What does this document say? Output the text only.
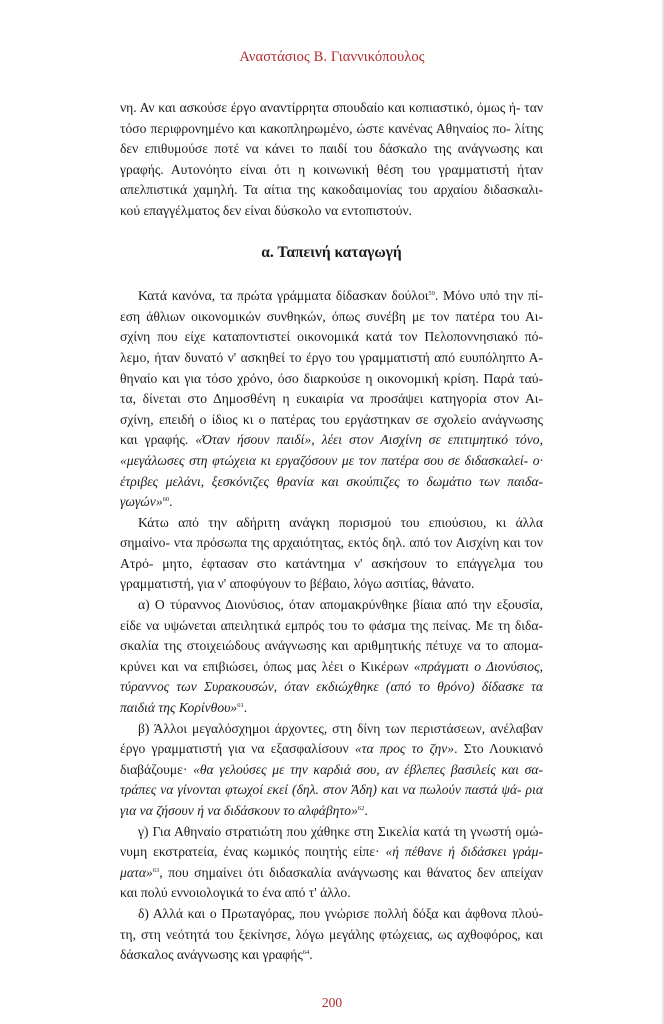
Αναστάσιος Β. Γιαννικόπουλος

νη. Αν και ασκούσε έργο αναντίρρητα σπουδαίο και κοπιαστικό, όμως ή- ταν τόσο περιφρονημένο και κακοπληρωμένο, ώστε κανένας Αθηναίος πο- λίτης δεν επιθυμούσε ποτέ να κάνει το παιδί του δάσκαλο της ανάγνωσης και γραφής. Αυτονόητο είναι ότι η κοινωνική θέση του γραμματιστή ήταν απελπιστικά χαμηλή. Τα αίτια της κακοδαιμονίας του αρχαίου διδασκαλι- κού επαγγέλματος δεν είναι δύσκολο να εντοπιστούν.

α. Ταπεινή καταγωγή

Κατά κανόνα, τα πρώτα γράμματα δίδασκαν δούλοι$^{59}$. Μόνο υπό την πί- εση άθλιων οικονομικών συνθηκών, όπως συνέβη με τον πατέρα του Αι- σχίνη που είχε καταποντιστεί οικονομικά κατά τον Πελοποννησιακό πό- λεμο, ήταν δυνατό ν' ασκηθεί το έργο του γραμματιστή από ευυπόληπτο Α- θηναίο και για τόσο χρόνο, όσο διαρκούσε η οικονομική κρίση. Παρά ταύ- τα, δίνεται στο Δημοσθένη η ευκαιρία να προσάψει κατηγορία στον Αι- σχίνη, επειδή ο ίδιος κι ο πατέρας του εργάστηκαν σε σχολείο ανάγνωσης και γραφής. «Όταν ήσουν παιδί», λέει στον Αισχίνη σε επιτιμητικό τόνο, «μεγάλωσες στη φτώχεια κι εργαζόσουν με τον πατέρα σου σε διδασκαλεί- ο· έτριβες μελάνι, ξεσκόνιζες θρανία και σκούπιζες το δωμάτιο των παιδα- γωγών»$^{60}$.

Κάτω από την αδήριτη ανάγκη πορισμού του επιούσιου, κι άλλα σημαίνο- ντα πρόσωπα της αρχαιότητας, εκτός δηλ. από τον Αισχίνη και τον Ατρό- μητο, έφτασαν στο κατάντημα ν' ασκήσουν το επάγγελμα του γραμματιστή, για ν' αποφύγουν το βέβαιο, λόγω ασιτίας, θάνατο.

α) Ο τύραννος Διονύσιος, όταν απομακρύνθηκε βίαια από την εξουσία, είδε να υψώνεται απειλητικά εμπρός του το φάσμα της πείνας. Με τη διδα- σκαλία της στοιχειώδους ανάγνωσης και αριθμητικής πέτυχε να το απομα- κρύνει και να επιβιώσει, όπως μας λέει ο Κικέρων «πράγματι ο Διονύσιος, τύραννος των Συρακουσών, όταν εκδιώχθηκε (από το θρόνο) δίδασκε τα παιδιά της Κορίνθου»$^{61}$.

β) Άλλοι μεγαλόσχημοι άρχοντες, στη δίνη των περιστάσεων, ανέλαβαν έργο γραμματιστή για να εξασφαλίσουν «τα προς το ζην». Στο Λουκιανό διαβάζουμε· «θα γελούσες με την καρδιά σου, αν έβλεπες βασιλείς και σα- τράπες να γίνονται φτωχοί εκεί (δηλ. στον Άδη) και να πωλούν παστά ψά- ρια για να ζήσουν ή να διδάσκουν το αλφάβητο»$^{62}$.

γ) Για Αθηναίο στρατιώτη που χάθηκε στη Σικελία κατά τη γνωστή ομώ- νυμη εκστρατεία, ένας κωμικός ποιητής είπε· «ή πέθανε ή διδάσκει γράμ- ματα»$^{63}$, που σημαίνει ότι διδασκαλία ανάγνωσης και θάνατος δεν απείχαν και πολύ εννοιολογικά το ένα από τ' άλλο.

δ) Αλλά και ο Πρωταγόρας, που γνώρισε πολλή δόξα και άφθονα πλού- τη, στη νεότητά του ξεκίνησε, λόγω μεγάλης φτώχειας, ως αχθοφόρος, και δάσκαλος ανάγνωσης και γραφής$^{64}$.

200
